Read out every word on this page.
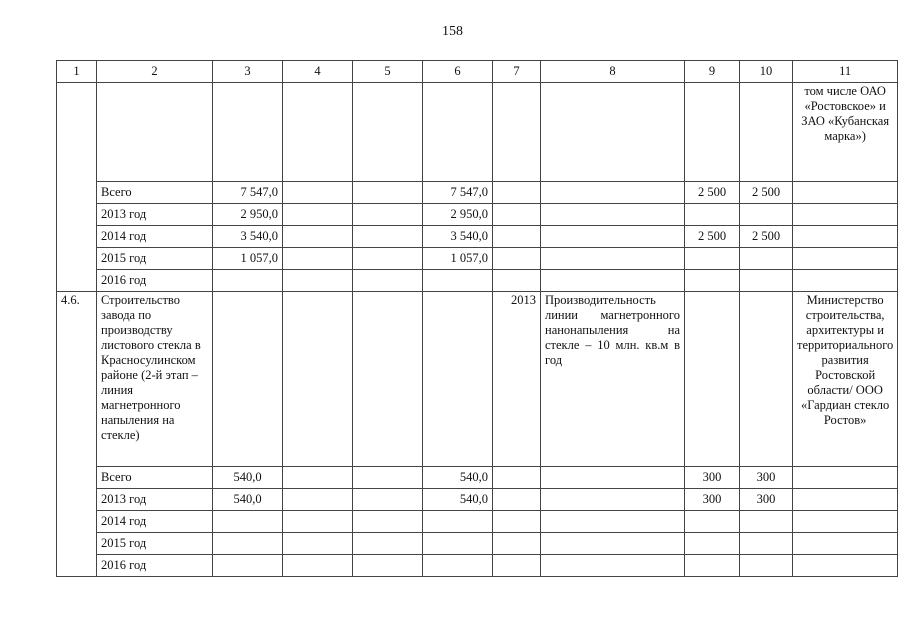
158
1	2	3	4	5	6	7	8	9	10	11
										том числе ОАО «Ростовское» и ЗАО «Кубанская марка»)
	Всего	7 547,0			7 547,0			2 500	2 500	
	2013 год	2 950,0			2 950,0					
	2014 год	3 540,0			3 540,0			2 500	2 500	
	2015 год	1 057,0			1 057,0					
	2016 год									
4.6.	Строительство завода по производству листового стекла в Красносулинском районе (2-й этап – линия магнетронного напыления на стекле)					2013	Производительность линии магнетронного нанонапыления на стекле – 10 млн. кв.м в год			Министерство строительства, архитектуры и территориального развития Ростовской области/ ООО «Гардиан стекло Ростов»
	Всего	540,0			540,0			300	300	
	2013 год	540,0			540,0			300	300	
	2014 год									
	2015 год									
	2016 год									
